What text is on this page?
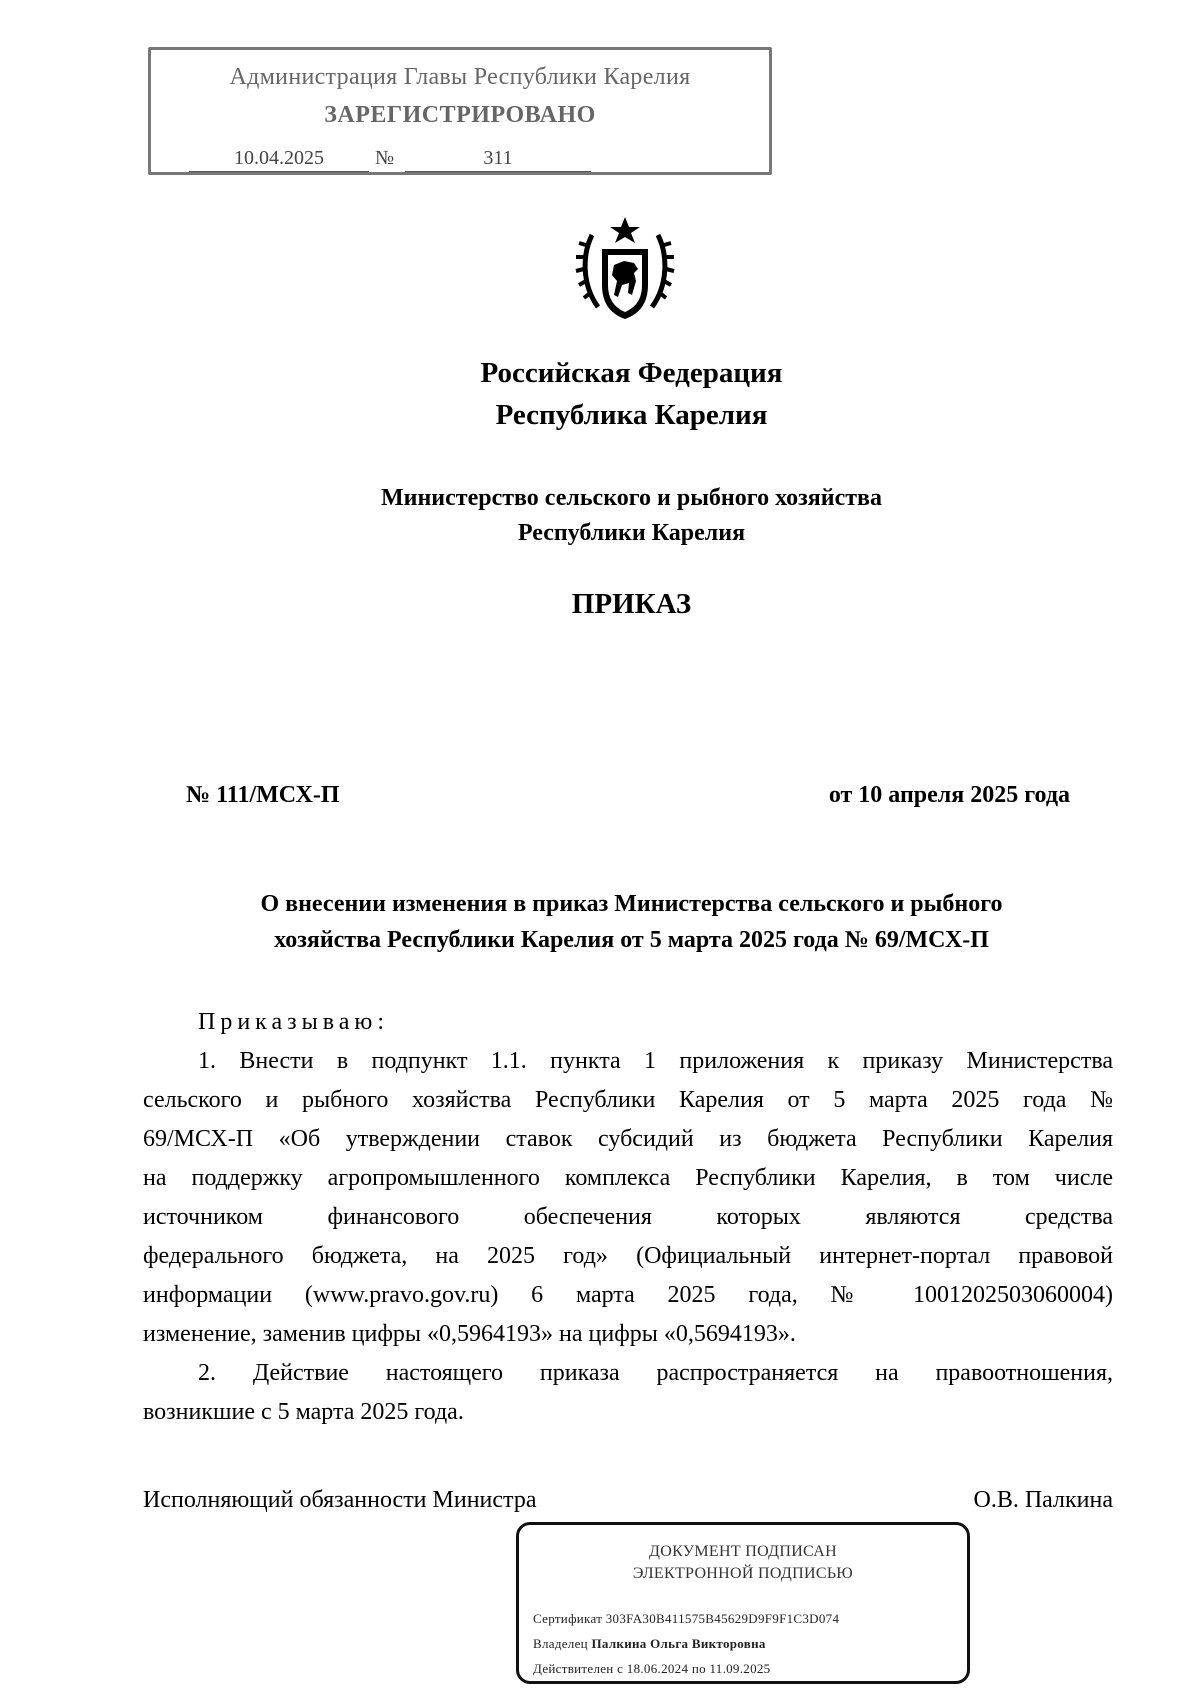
Администрация Главы Республики Карелия
ЗАРЕГИСТРИРОВАНО
10.04.2025	№	311
Российская Федерация
Республика Карелия
Министерство сельского и рыбного хозяйства
Республики Карелия
ПРИКАЗ
№ 111/МСХ-П	от 10 апреля 2025 года
О внесении изменения в приказ Министерства сельского и рыбного
хозяйства Республики Карелия от 5 марта 2025 года № 69/МСХ-П
Приказываю:
1. Внести в подпункт 1.1. пункта 1 приложения к приказу Министерства
сельского и рыбного хозяйства Республики Карелия от 5 марта 2025 года №
69/МСХ-П «Об утверждении ставок субсидий из бюджета Республики Карелия
на поддержку агропромышленного комплекса Республики Карелия, в том числе
источником финансового обеспечения которых являются средства
федерального бюджета, на 2025 год» (Официальный интернет-портал правовой
информации (www.pravo.gov.ru) 6 марта 2025 года, № 1001202503060004)
изменение, заменив цифры «0,5964193» на цифры «0,5694193».
2. Действие настоящего приказа распространяется на правоотношения,
возникшие с 5 марта 2025 года.
Исполняющий обязанности Министра	О.В. Палкина
ДОКУМЕНТ ПОДПИСАН
ЭЛЕКТРОННОЙ ПОДПИСЬЮ
Сертификат 303FA30B411575B45629D9F9F1C3D074
Владелец Палкина Ольга Викторовна
Действителен с 18.06.2024 по 11.09.2025
